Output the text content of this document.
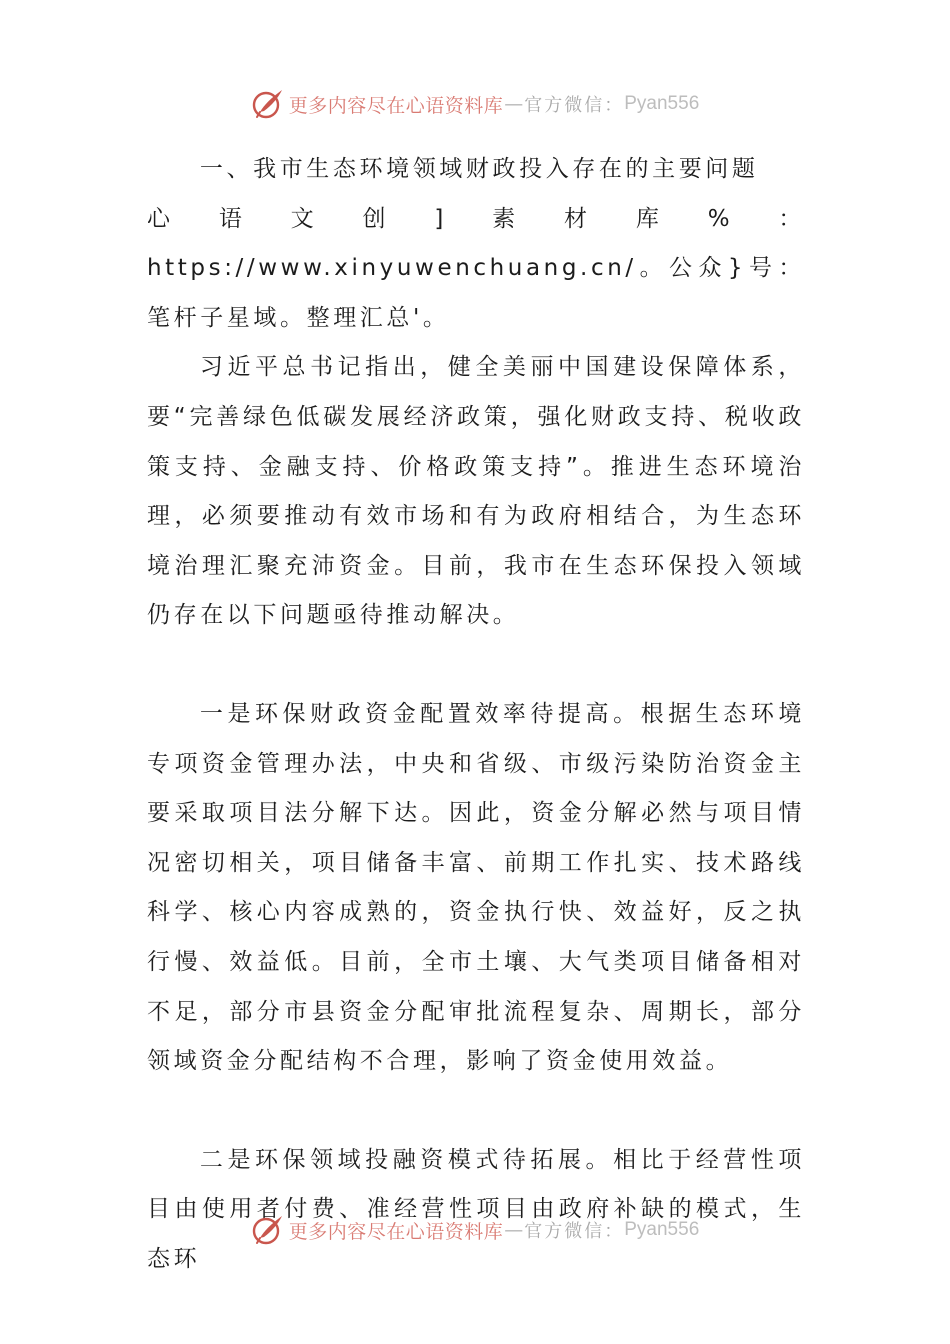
更多内容尽在心语资料库 — 官方微信： Pyan556

一、我市生态环境领域财政投入存在的主要问题

心语文创]素材库%：https://www.xinyuwenchuang.cn/。公众}号：笔杆子星域。整理汇总'。

习近平总书记指出，健全美丽中国建设保障体系，要“完善绿色低碳发展经济政策，强化财政支持、税收政策支持、金融支持、价格政策支持”。推进生态环境治理，必须要推动有效市场和有为政府相结合，为生态环境治理汇聚充沛资金。目前，我市在生态环保投入领域仍存在以下问题亟待推动解决。

一是环保财政资金配置效率待提高。根据生态环境专项资金管理办法，中央和省级、市级污染防治资金主要采取项目法分解下达。因此，资金分解必然与项目情况密切相关，项目储备丰富、前期工作扎实、技术路线科学、核心内容成熟的，资金执行快、效益好，反之执行慢、效益低。目前，全市土壤、大气类项目储备相对不足，部分市县资金分配审批流程复杂、周期长，部分领域资金分配结构不合理，影响了资金使用效益。

二是环保领域投融资模式待拓展。相比于经营性项目由使用者付费、准经营性项目由政府补缺的模式，生态环

更多内容尽在心语资料库 — 官方微信： Pyan556
